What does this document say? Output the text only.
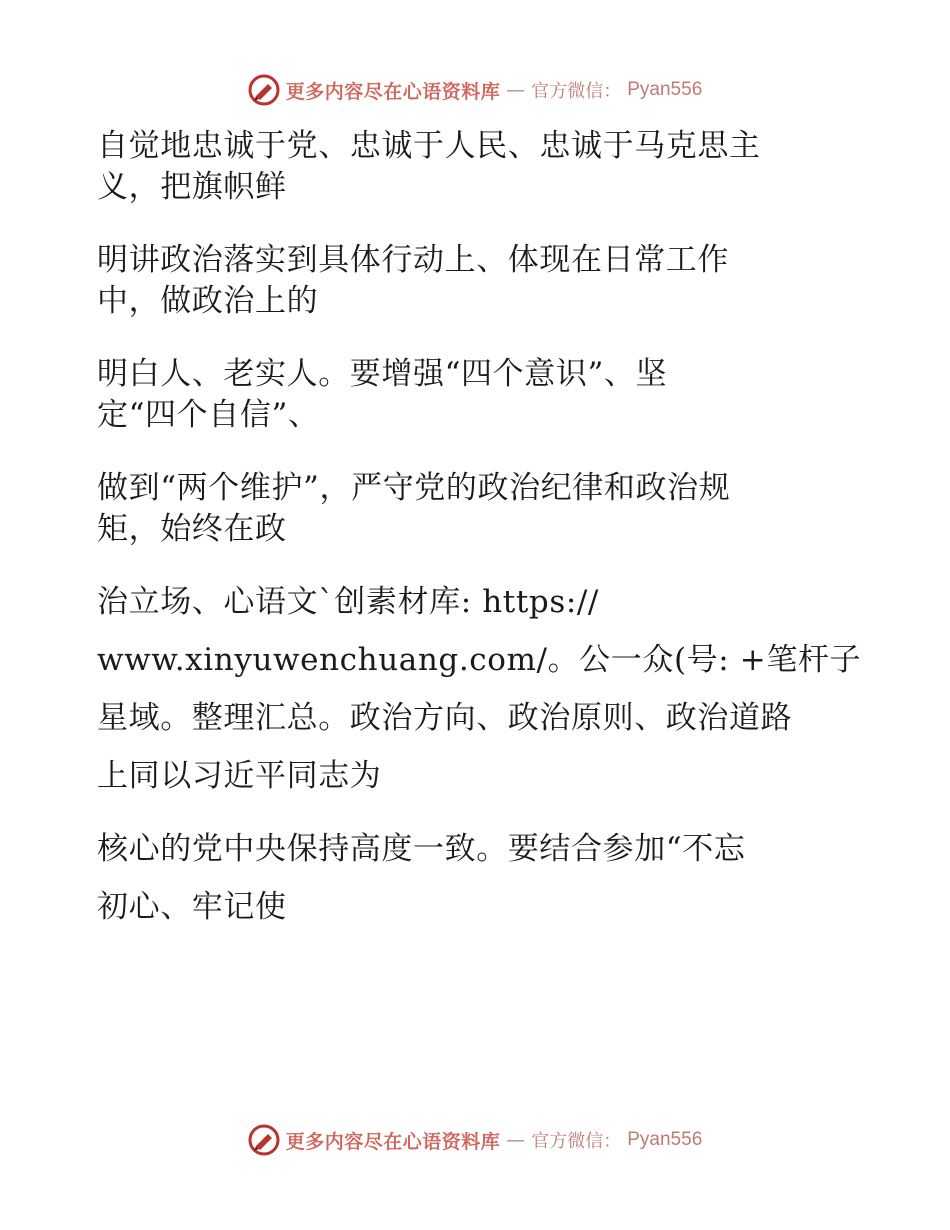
更多内容尽在心语资料库 — 官方微信： Pyan556
自觉地忠诚于党、忠诚于人民、忠诚于马克思主
义，把旗帜鲜
明讲政治落实到具体行动上、体现在日常工作
中，做政治上的
明白人、老实人。要增强“四个意识”、坚
定“四个自信”、
做到“两个维护”，严守党的政治纪律和政治规
矩，始终在政
治立场、心语文`创素材库: https://
www.xinyuwenchuang.com/。公一众(号: +笔杆子
星域。整理汇总。政治方向、政治原则、政治道路
上同以习近平同志为
核心的党中央保持高度一致。要结合参加“不忘
初心、牢记使
更多内容尽在心语资料库 — 官方微信： Pyan556
